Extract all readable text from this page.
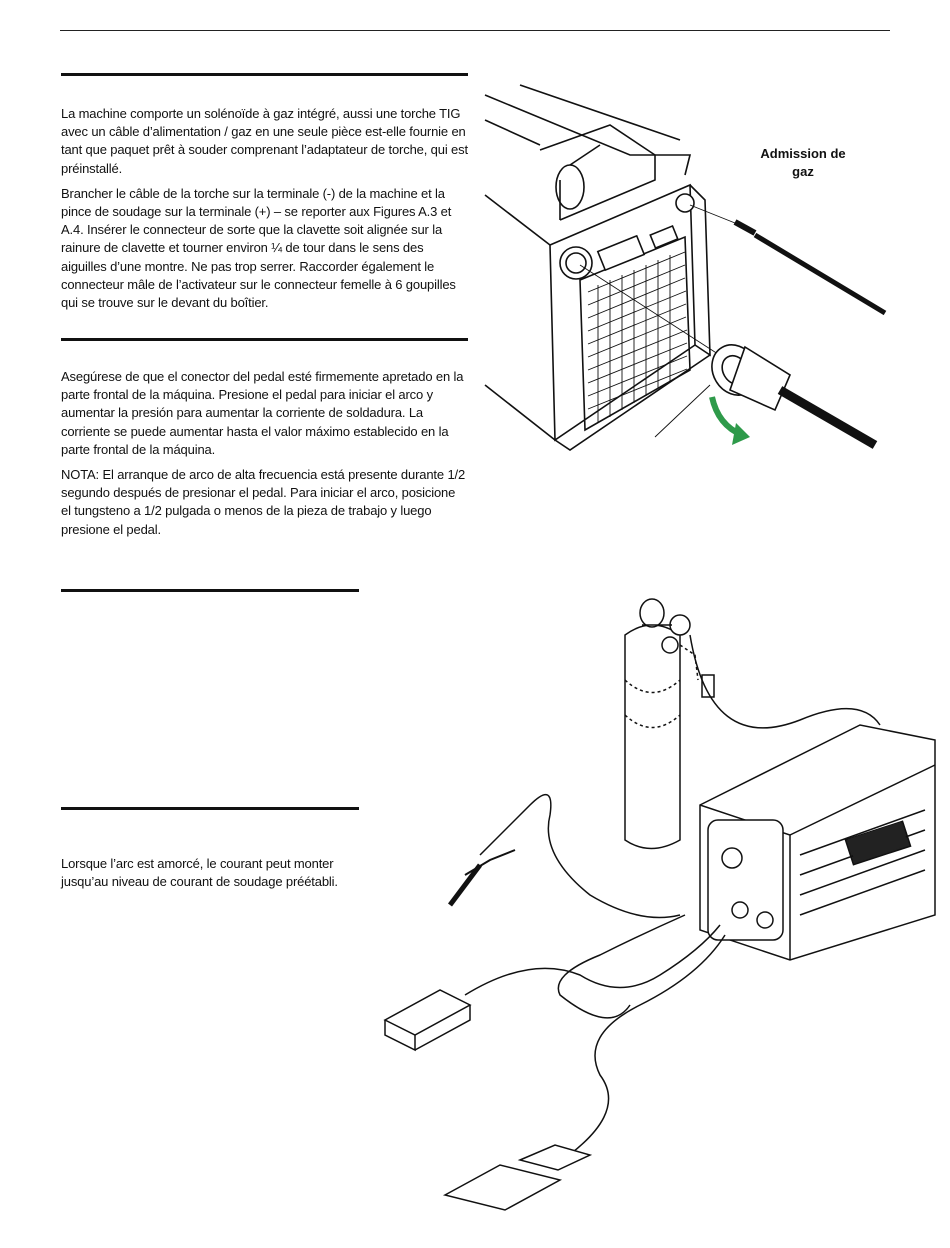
La machine comporte un solénoïde à gaz intégré, aussi une torche TIG avec un câble d’alimentation / gaz en une seule pièce est-elle fournie en tant que paquet prêt à souder comprenant l’adaptateur de torche, qui est préinstallé.

Brancher le câble de la torche sur la terminale (-) de la machine et la pince de soudage sur la terminale (+) – se reporter aux Figures A.3 et A.4. Insérer le connecteur de sorte que la clavette soit alignée sur la rainure de clavette et tourner environ ¼ de tour dans le sens des aiguilles d’une montre. Ne pas trop serrer. Raccorder également le connecteur mâle de l’activateur sur le connecteur femelle à 6 goupilles qui se trouve sur le devant du boîtier.

Asegúrese de que el conector del pedal esté firmemente apretado en la parte frontal de la máquina. Presione el pedal para iniciar el arco y aumentar la presión para aumentar la corriente de soldadura. La corriente se puede aumentar hasta el valor máximo establecido en la parte frontal de la máquina.

NOTA: El arranque de arco de alta frecuencia está presente durante 1/2 segundo después de presionar el pedal. Para iniciar el arco, posicione el tungsteno a 1/2 pulgada o menos de la pieza de trabajo y luego presione el pedal.

Lorsque l’arc est amorcé, le courant peut monter jusqu’au niveau de courant de soudage préétabli.

Admission de gaz
